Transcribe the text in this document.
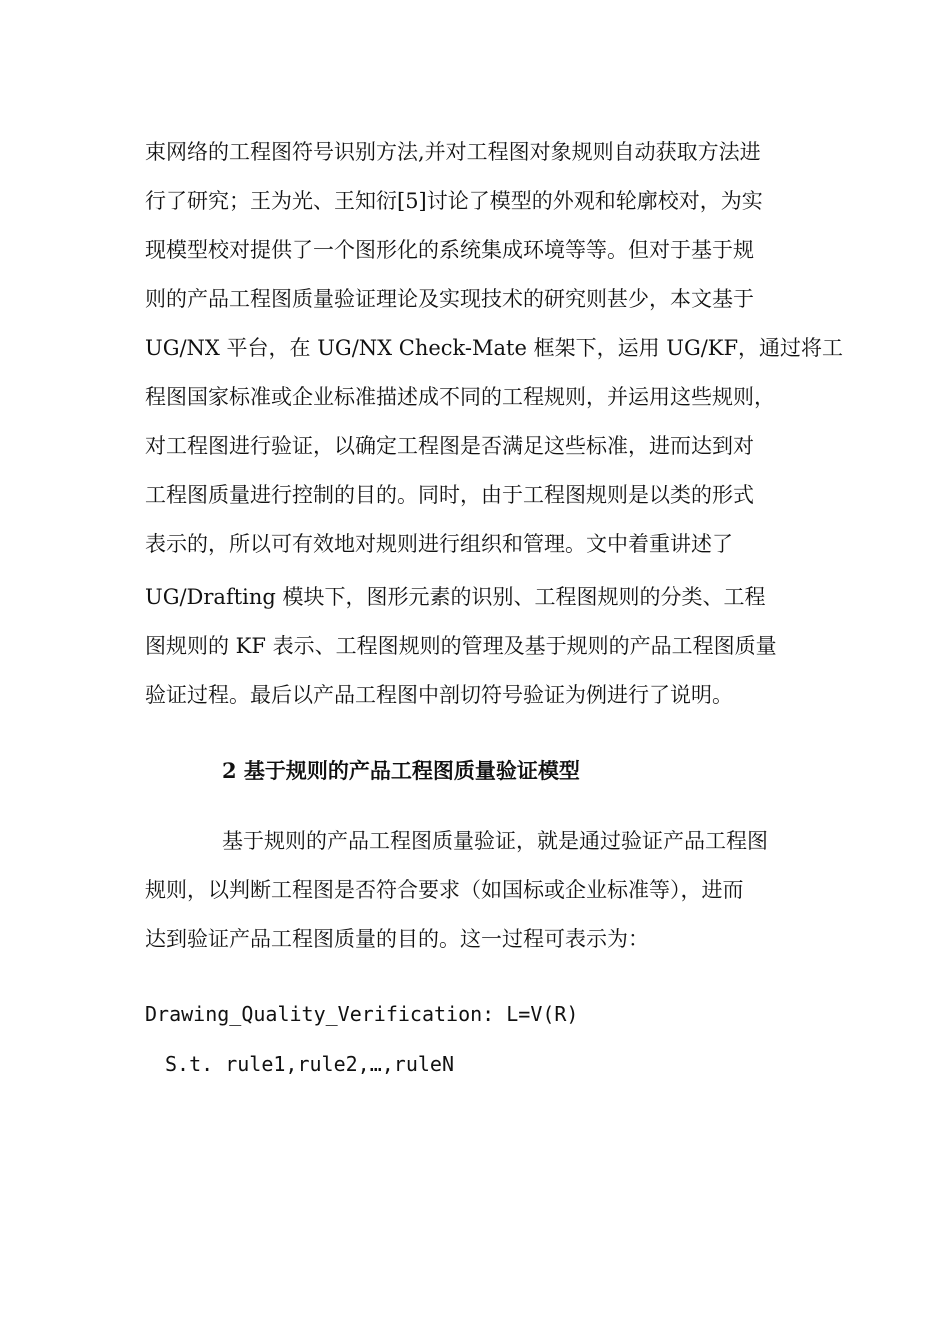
束网络的工程图符号识别方法,并对工程图对象规则自动获取方法进
行了研究；王为光、王知衍[5]讨论了模型的外观和轮廓校对，为实
现模型校对提供了一个图形化的系统集成环境等等。但对于基于规
则的产品工程图质量验证理论及实现技术的研究则甚少，本文基于
UG/NX 平台，在 UG/NX Check-Mate 框架下，运用 UG/KF，通过将工
程图国家标准或企业标准描述成不同的工程规则，并运用这些规则，
对工程图进行验证，以确定工程图是否满足这些标准，进而达到对
工程图质量进行控制的目的。同时，由于工程图规则是以类的形式
表示的，所以可有效地对规则进行组织和管理。文中着重讲述了
UG/Drafting 模块下，图形元素的识别、工程图规则的分类、工程
图规则的 KF 表示、工程图规则的管理及基于规则的产品工程图质量
验证过程。最后以产品工程图中剖切符号验证为例进行了说明。
2 基于规则的产品工程图质量验证模型
基于规则的产品工程图质量验证，就是通过验证产品工程图
规则，以判断工程图是否符合要求（如国标或企业标准等），进而
达到验证产品工程图质量的目的。这一过程可表示为：
Drawing_Quality_Verification: L=V(R)
S.t. rule1,rule2,…,ruleN
